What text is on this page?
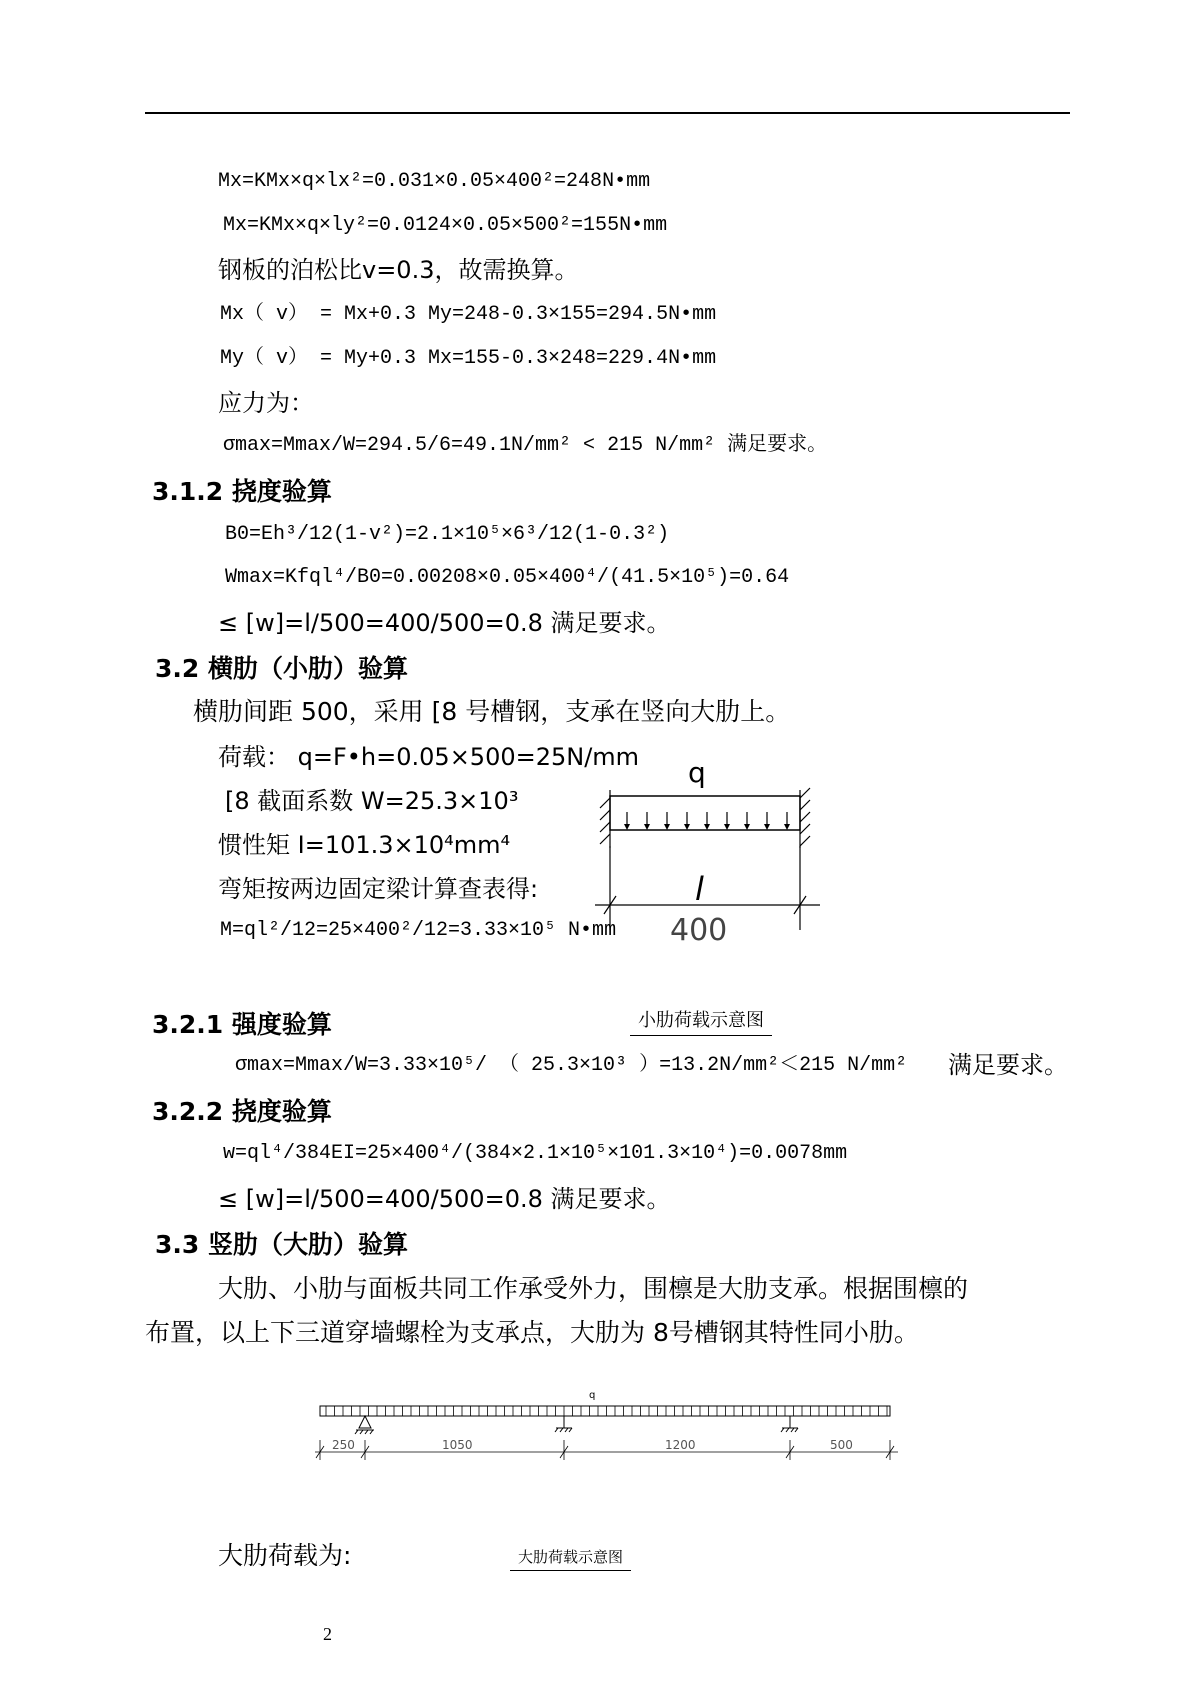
Mx=KMx×q×lx²=0.031×0.05×400²=248N•mm
Mx=KMx×q×ly²=0.0124×0.05×500²=155N•mm
钢板的泊松比v=0.3，故需换算。
Mx（ v） = Mx+0.3 My=248-0.3×155=294.5N•mm
My（ v） = My+0.3 Mx=155-0.3×248=229.4N•mm
应力为：
σmax=Mmax/W=294.5/6=49.1N/mm² < 215 N/mm² 满足要求。
3.1.2 挠度验算
B0=Eh³/12(1-v²)=2.1×10⁵×6³/12(1-0.3²)
Wmax=Kfql⁴/B0=0.00208×0.05×400⁴/(41.5×10⁵)=0.64
≤ [w]=l/500=400/500=0.8 满足要求。
3.2 横肋（小肋）验算
横肋间距 500，采用 [8 号槽钢，支承在竖向大肋上。
荷载： q=F•h=0.05×500=25N/mm
[8 截面系数 W=25.3×10³
惯性矩 I=101.3×10⁴mm⁴
弯矩按两边固定梁计算查表得:
M=ql²/12=25×400²/12=3.33×10⁵ N•mm
q
l
400
3.2.1 强度验算	小肋荷载示意图
σmax=Mmax/W=3.33×10⁵/ （ 25.3×10³ ）=13.2N/mm²＜215 N/mm² 满足要求。
3.2.2 挠度验算
w=ql⁴/384EI=25×400⁴/(384×2.1×10⁵×101.3×10⁴)=0.0078mm
≤ [w]=l/500=400/500=0.8 满足要求。
3.3 竖肋（大肋）验算
大肋、小肋与面板共同工作承受外力，围檩是大肋支承。根据围檩的
布置，以上下三道穿墙螺栓为支承点，大肋为 8号槽钢其特性同小肋。
q
250	1050	1200	500
大肋荷载为:	大肋荷载示意图
2
